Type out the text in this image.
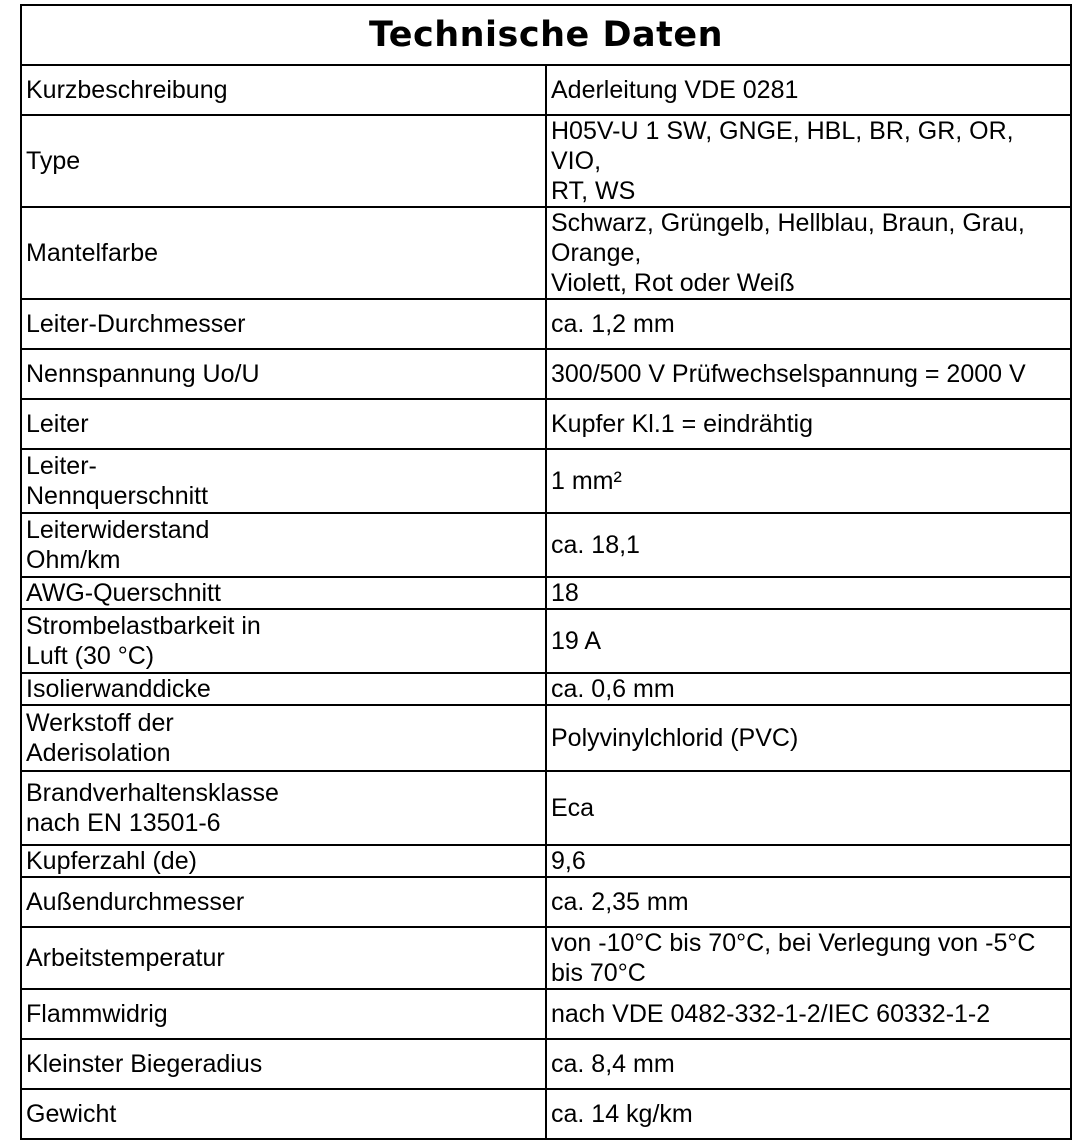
Technische Daten	
Kurzbeschreibung	Aderleitung VDE 0281
Type	H05V-U 1 SW, GNGE, HBL, BR, GR, OR, VIO,
RT, WS
Mantelfarbe	Schwarz, Grüngelb, Hellblau, Braun, Grau, Orange,
Violett, Rot oder Weiß
Leiter-Durchmesser	ca. 1,2 mm
Nennspannung Uo/U	300/500 V Prüfwechselspannung = 2000 V
Leiter	Kupfer Kl.1 = eindrähtig
Leiter-
Nennquerschnitt	1 mm²
Leiterwiderstand
Ohm/km	ca. 18,1
AWG-Querschnitt	18
Strombelastbarkeit in
Luft (30 °C)	19 A
Isolierwanddicke	ca. 0,6 mm
Werkstoff der
Aderisolation	Polyvinylchlorid (PVC)
Brandverhaltensklasse
nach EN 13501-6	Eca
Kupferzahl (de)	9,6
Außendurchmesser	ca. 2,35 mm
Arbeitstemperatur	von -10°C bis 70°C, bei Verlegung von -5°C bis 70°C
Flammwidrig	nach VDE 0482-332-1-2/IEC 60332-1-2
Kleinster Biegeradius	ca. 8,4 mm
Gewicht	ca. 14 kg/km
